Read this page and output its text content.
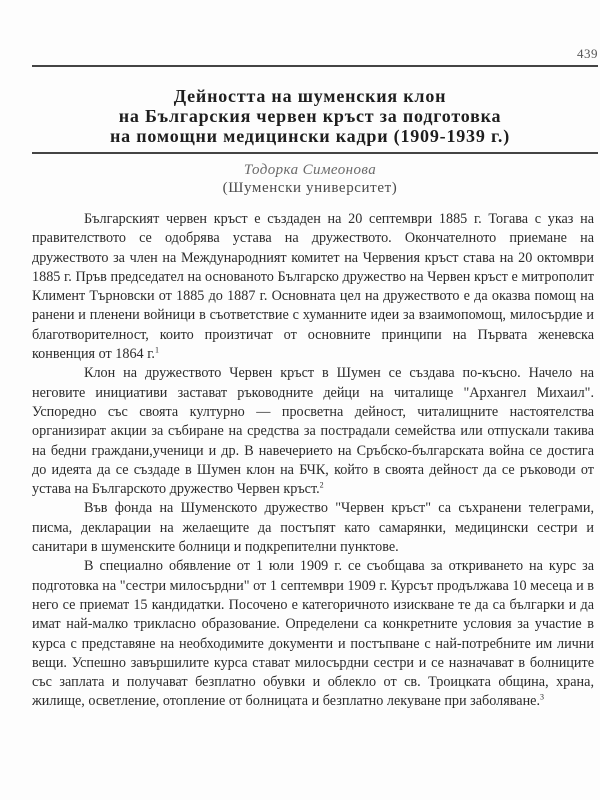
439
Дейността на шуменския клон
на Българския червен кръст за подготовка
на помощни медицински кадри (1909-1939 г.)
Тодорка Симеонова
(Шуменски университет)

Българският червен кръст е създаден на 20 септември 1885 г. Тогава с указ на правителството се одобрява устава на дружеството. Окончателното приемане на дружеството за член на Международният комитет на Червения кръст става на 20 октомври 1885 г. Пръв председател на основаното Българско дружество на Червен кръст е митрополит Климент Търновски от 1885 до 1887 г. Основната цел на дружеството е да оказва помощ на ранени и пленени войници в съответствие с хуманните идеи за взаимопомощ, милосърдие и благотворителност, които произтичат от основните принципи на Първата женевска конвенция от 1864 г.$^1$

Клон на дружеството Червен кръст в Шумен се създава по-късно. Начело на неговите инициативи застават ръководните дейци на читалище "Архангел Михаил". Успоредно със своята културно — просветна дейност, читалищните настоятелства организират акции за събиране на средства за пострадали семейства или отпускали такива на бедни граждани,ученици и др. В навечерието на Сръбско-българската война се достига до идеята да се създаде в Шумен клон на БЧК, който в своята дейност да се ръководи от устава на Българското дружество Червен кръст.$^2$

Във фонда на Шуменското дружество "Червен кръст" са съхранени телеграми, писма, декларации на желаещите да постъпят като самарянки, медицински сестри и санитари в шуменските болници и подкрепителни пунктове.

В специално обявление от 1 юли 1909 г. се съобщава за откриването на курс за подготовка на "сестри милосърдни" от 1 септември 1909 г. Курсът продължава 10 месеца и в него се приемат 15 кандидатки. Посочено е категоричното изискване те да са българки и да имат най-малко трикласно образование. Определени са конкретните условия за участие в курса с представяне на необходимите документи и постъпване с най-потребните им лични вещи. Успешно завършилите курса стават милосърдни сестри и се назначават в болниците със заплата и получават безплатно обувки и облекло от св. Троицката община, храна, жилище, осветление, отопление от болницата и безплатно лекуване при заболяване.$^3$
